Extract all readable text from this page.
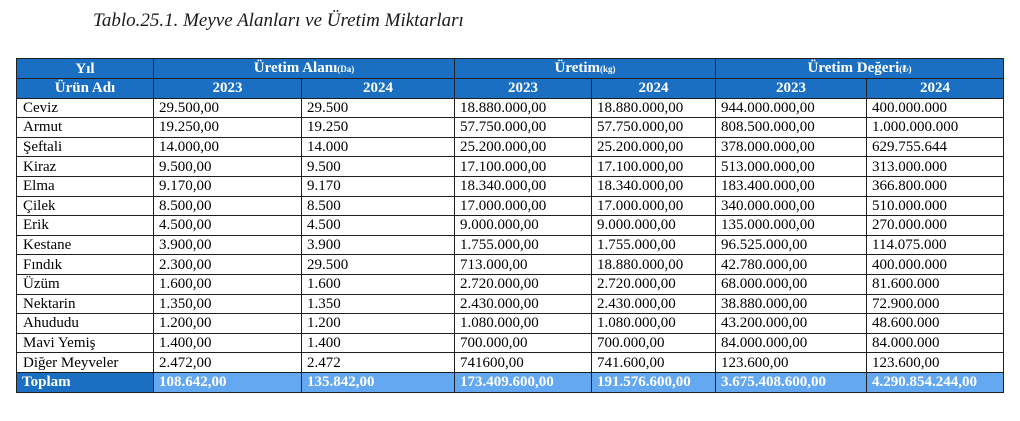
Tablo.25.1. Meyve Alanları ve Üretim Miktarları
Yıl	Üretim Alanı(Da)		Üretim(kg)		Üretim Değeri(₺)	
Ürün Adı	2023	2024	2023	2024	2023	2024
Ceviz	29.500,00	29.500	18.880.000,00	18.880.000,00	944.000.000,00	400.000.000
Armut	19.250,00	19.250	57.750.000,00	57.750.000,00	808.500.000,00	1.000.000.000
Şeftali	14.000,00	14.000	25.200.000,00	25.200.000,00	378.000.000,00	629.755.644
Kiraz	9.500,00	9.500	17.100.000,00	17.100.000,00	513.000.000,00	313.000.000
Elma	9.170,00	9.170	18.340.000,00	18.340.000,00	183.400.000,00	366.800.000
Çilek	8.500,00	8.500	17.000.000,00	17.000.000,00	340.000.000,00	510.000.000
Erik	4.500,00	4.500	9.000.000,00	9.000.000,00	135.000.000,00	270.000.000
Kestane	3.900,00	3.900	1.755.000,00	1.755.000,00	96.525.000,00	114.075.000
Fındık	2.300,00	29.500	713.000,00	18.880.000,00	42.780.000,00	400.000.000
Üzüm	1.600,00	1.600	2.720.000,00	2.720.000,00	68.000.000,00	81.600.000
Nektarin	1.350,00	1.350	2.430.000,00	2.430.000,00	38.880.000,00	72.900.000
Ahududu	1.200,00	1.200	1.080.000,00	1.080.000,00	43.200.000,00	48.600.000
Mavi Yemiş	1.400,00	1.400	700.000,00	700.000,00	84.000.000,00	84.000.000
Diğer Meyveler	2.472,00	2.472	741600,00	741.600,00	123.600,00	123.600,00
Toplam	108.642,00	135.842,00	173.409.600,00	191.576.600,00	3.675.408.600,00	4.290.854.244,00
